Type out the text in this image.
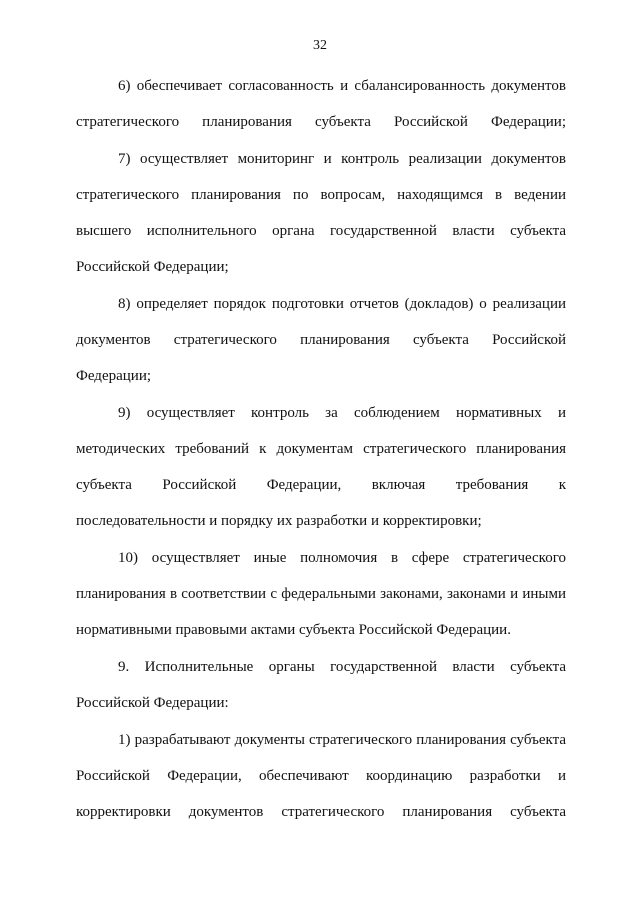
32
6) обеспечивает согласованность и сбалансированность документов
стратегического планирования субъекта Российской Федерации;
7) осуществляет мониторинг и контроль реализации документов
стратегического планирования по вопросам, находящимся в ведении
высшего исполнительного органа государственной власти субъекта
Российской Федерации;
8) определяет порядок подготовки отчетов (докладов) о реализации
документов стратегического планирования субъекта Российской
Федерации;
9) осуществляет контроль за соблюдением нормативных и
методических требований к документам стратегического планирования
субъекта Российской Федерации, включая требования к
последовательности и порядку их разработки и корректировки;
10) осуществляет иные полномочия в сфере стратегического
планирования в соответствии с федеральными законами, законами и иными
нормативными правовыми актами субъекта Российской Федерации.
9. Исполнительные органы государственной власти субъекта
Российской Федерации:
1) разрабатывают документы стратегического планирования субъекта
Российской Федерации, обеспечивают координацию разработки и
корректировки документов стратегического планирования субъекта
